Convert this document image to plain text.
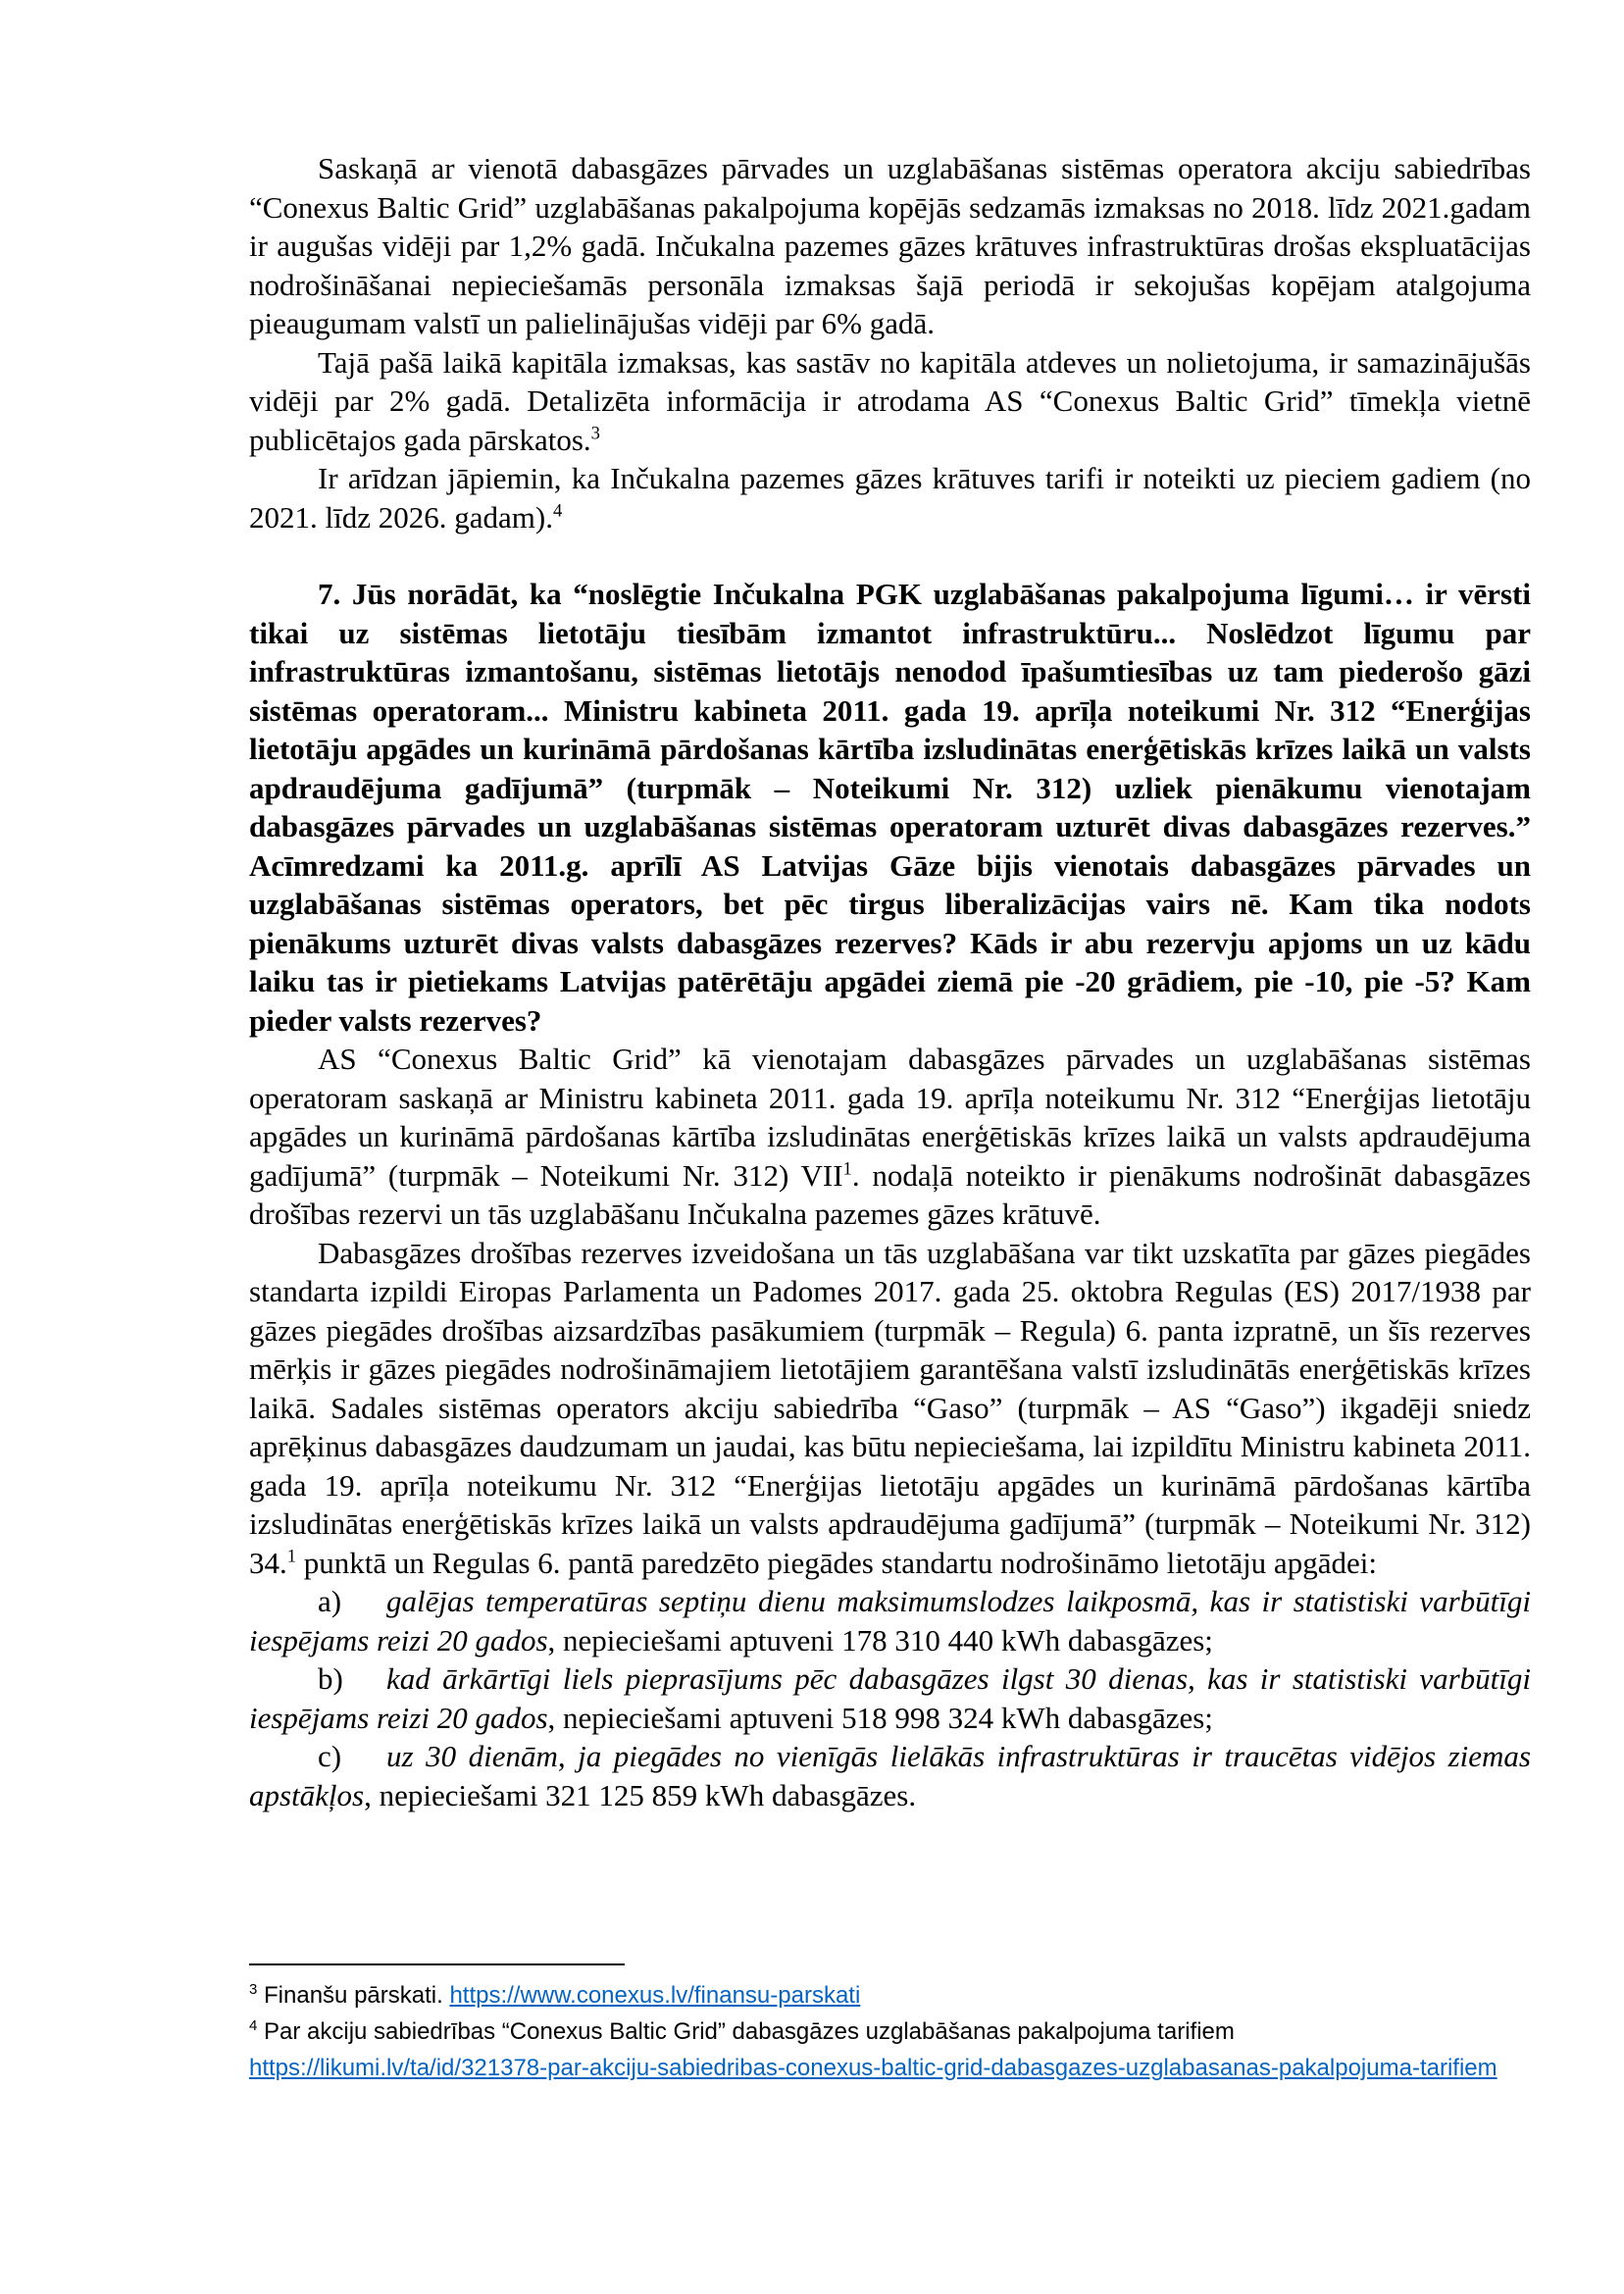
Saskaņā ar vienotā dabasgāzes pārvades un uzglabāšanas sistēmas operatora akciju sabiedrības “Conexus Baltic Grid” uzglabāšanas pakalpojuma kopējās sedzamās izmaksas no 2018. līdz 2021.gadam ir augušas vidēji par 1,2% gadā. Inčukalna pazemes gāzes krātuves infrastruktūras drošas ekspluatācijas nodrošināšanai nepieciešamās personāla izmaksas šajā periodā ir sekojušas kopējam atalgojuma pieaugumam valstī un palielinājušas vidēji par 6% gadā.

Tajā pašā laikā kapitāla izmaksas, kas sastāv no kapitāla atdeves un nolietojuma, ir samazinājušās vidēji par 2% gadā. Detalizēta informācija ir atrodama AS “Conexus Baltic Grid” tīmekļa vietnē publicētajos gada pārskatos.$^3$

Ir arīdzan jāpiemin, ka Inčukalna pazemes gāzes krātuves tarifi ir noteikti uz pieciem gadiem (no 2021. līdz 2026. gadam).$^4$

7. Jūs norādāt, ka “noslēgtie Inčukalna PGK uzglabāšanas pakalpojuma līgumi… ir vērsti tikai uz sistēmas lietotāju tiesībām izmantot infrastruktūru... Noslēdzot līgumu par infrastruktūras izmantošanu, sistēmas lietotājs nenodod īpašumtiesības uz tam piederošo gāzi sistēmas operatoram... Ministru kabineta 2011. gada 19. aprīļa noteikumi Nr. 312 “Enerģijas lietotāju apgādes un kurināmā pārdošanas kārtība izsludinātas enerģētiskās krīzes laikā un valsts apdraudējuma gadījumā” (turpmāk – Noteikumi Nr. 312) uzliek pienākumu vienotajam dabasgāzes pārvades un uzglabāšanas sistēmas operatoram uzturēt divas dabasgāzes rezerves.” Acīmredzami ka 2011.g. aprīlī AS Latvijas Gāze bijis vienotais dabasgāzes pārvades un uzglabāšanas sistēmas operators, bet pēc tirgus liberalizācijas vairs nē. Kam tika nodots pienākums uzturēt divas valsts dabasgāzes rezerves? Kāds ir abu rezervju apjoms un uz kādu laiku tas ir pietiekams Latvijas patērētāju apgādei ziemā pie -20 grādiem, pie -10, pie -5? Kam pieder valsts rezerves?

AS “Conexus Baltic Grid” kā vienotajam dabasgāzes pārvades un uzglabāšanas sistēmas operatoram saskaņā ar Ministru kabineta 2011. gada 19. aprīļa noteikumu Nr. 312 “Enerģijas lietotāju apgādes un kurināmā pārdošanas kārtība izsludinātas enerģētiskās krīzes laikā un valsts apdraudējuma gadījumā” (turpmāk – Noteikumi Nr. 312) VII$^1$. nodaļā noteikto ir pienākums nodrošināt dabasgāzes drošības rezervi un tās uzglabāšanu Inčukalna pazemes gāzes krātuvē.

Dabasgāzes drošības rezerves izveidošana un tās uzglabāšana var tikt uzskatīta par gāzes piegādes standarta izpildi Eiropas Parlamenta un Padomes 2017. gada 25. oktobra Regulas (ES) 2017/1938 par gāzes piegādes drošības aizsardzības pasākumiem (turpmāk – Regula) 6. panta izpratnē, un šīs rezerves mērķis ir gāzes piegādes nodrošināmajiem lietotājiem garantēšana valstī izsludinātās enerģētiskās krīzes laikā. Sadales sistēmas operators akciju sabiedrība “Gaso” (turpmāk – AS “Gaso”) ikgadēji sniedz aprēķinus dabasgāzes daudzumam un jaudai, kas būtu nepieciešama, lai izpildītu Ministru kabineta 2011. gada 19. aprīļa noteikumu Nr. 312 “Enerģijas lietotāju apgādes un kurināmā pārdošanas kārtība izsludinātas enerģētiskās krīzes laikā un valsts apdraudējuma gadījumā” (turpmāk – Noteikumi Nr. 312) 34.$^1$ punktā un Regulas 6. pantā paredzēto piegādes standartu nodrošināmo lietotāju apgādei:

a) galējas temperatūras septiņu dienu maksimumslodzes laikposmā, kas ir statistiski varbūtīgi iespējams reizi 20 gados, nepieciešami aptuveni 178 310 440 kWh dabasgāzes;

b) kad ārkārtīgi liels pieprasījums pēc dabasgāzes ilgst 30 dienas, kas ir statistiski varbūtīgi iespējams reizi 20 gados, nepieciešami aptuveni 518 998 324 kWh dabasgāzes;

c) uz 30 dienām, ja piegādes no vienīgās lielākās infrastruktūras ir traucētas vidējos ziemas apstākļos, nepieciešami 321 125 859 kWh dabasgāzes.

$^3$ Finanšu pārskati. https://www.conexus.lv/finansu-parskati

$^4$ Par akciju sabiedrības “Conexus Baltic Grid” dabasgāzes uzglabāšanas pakalpojuma tarifiem

https://likumi.lv/ta/id/321378-par-akciju-sabiedribas-conexus-baltic-grid-dabasgazes-uzglabasanas-pakalpojuma-tarifiem
